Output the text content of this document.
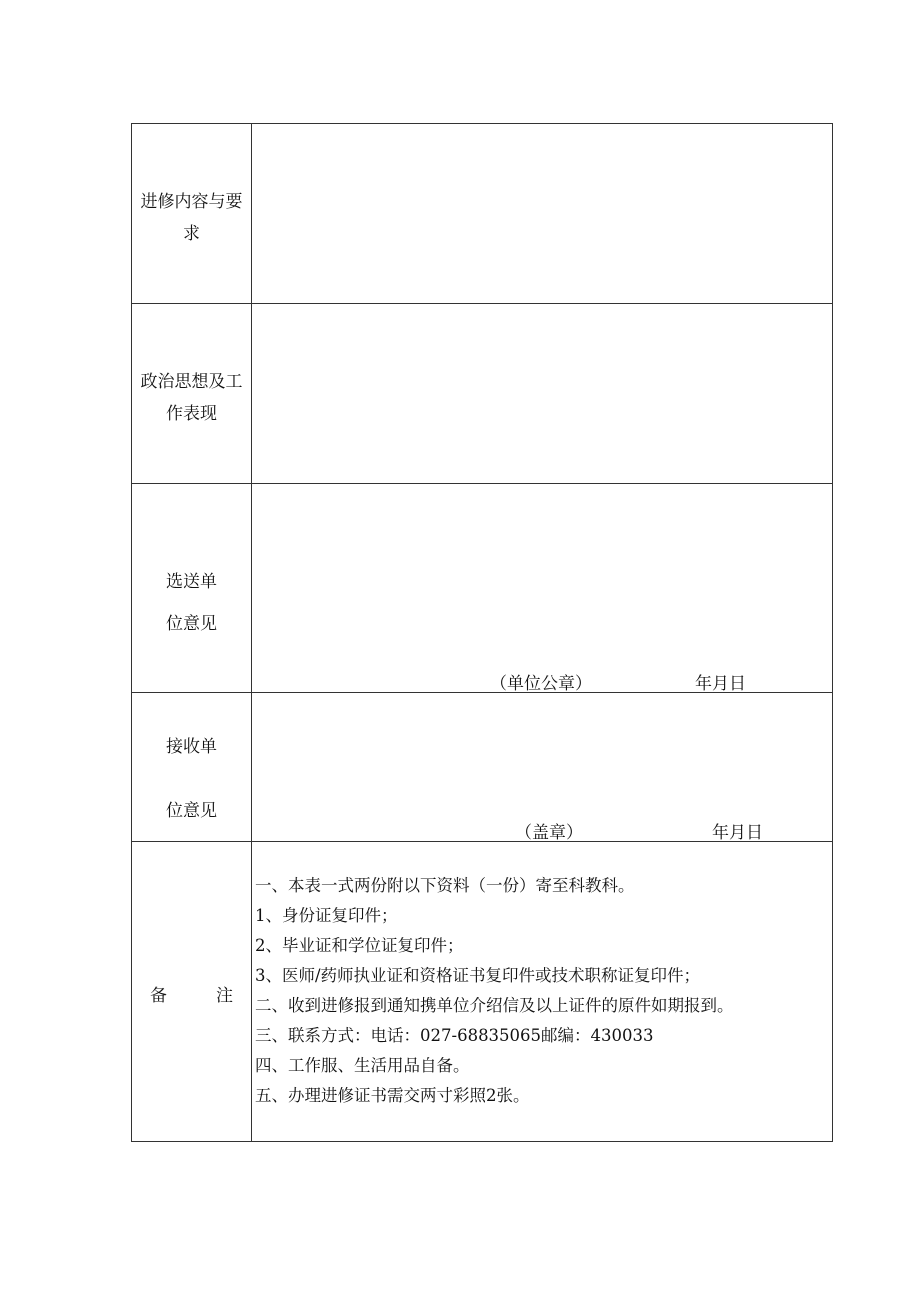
进修内容与要
求
政治思想及工
作表现
选送单
位意见
（单位公章）	年月日
接收单
位意见
（盖章）	年月日
备	注
一、本表一式两份附以下资料（一份）寄至科教科。
1、身份证复印件；
2、毕业证和学位证复印件；
3、医师/药师执业证和资格证书复印件或技术职称证复印件；
二、收到进修报到通知携单位介绍信及以上证件的原件如期报到。
三、联系方式：电话：027-68835065邮编：430033
四、工作服、生活用品自备。
五、办理进修证书需交两寸彩照2张。
